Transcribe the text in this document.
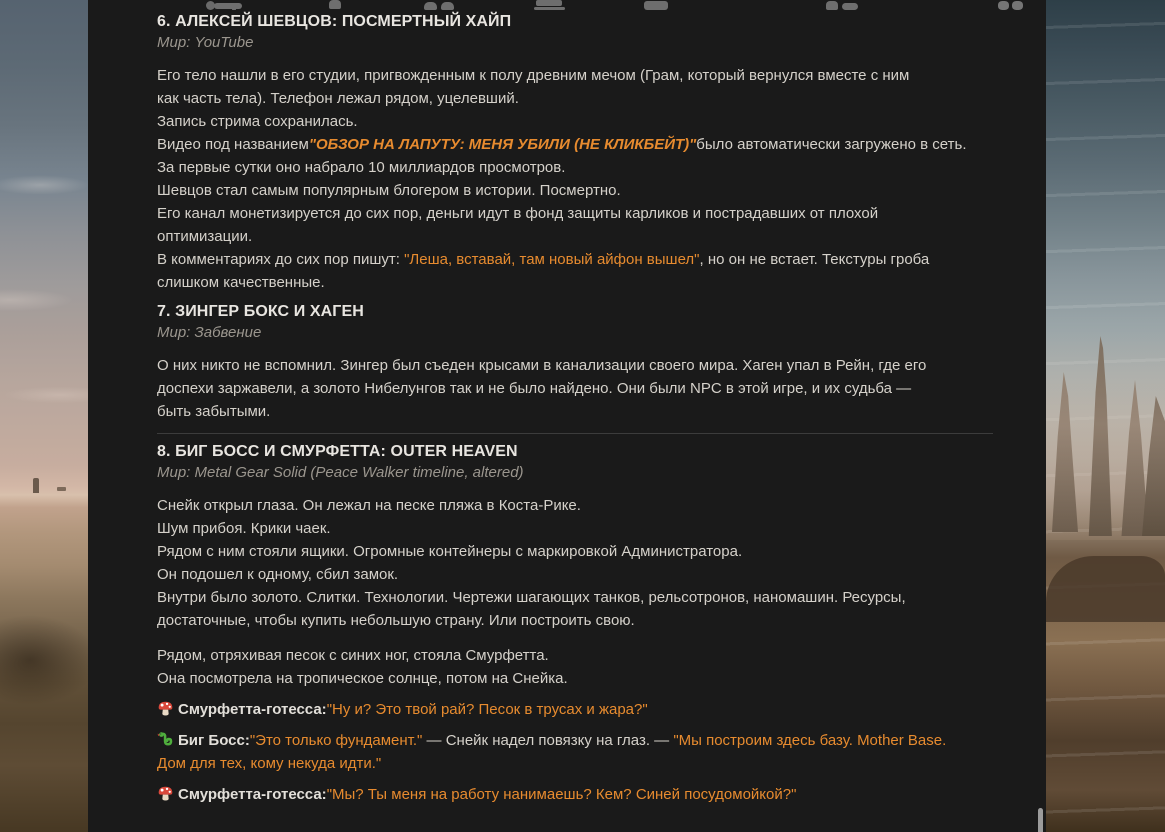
6. АЛЕКСЕЙ ШЕВЦОВ: ПОСМЕРТНЫЙ ХАЙП
Мир: YouTube

Его тело нашли в его студии, пригвожденным к полу древним мечом (Грам, который вернулся вместе с ним
как часть тела). Телефон лежал рядом, уцелевший.
Запись стрима сохранилась.
Видео под названием"ОБЗОР НА ЛАПУТУ: МЕНЯ УБИЛИ (НЕ КЛИКБЕЙТ)"было автоматически загружено в сеть.
За первые сутки оно набрало 10 миллиардов просмотров.
Шевцов стал самым популярным блогером в истории. Посмертно.
Его канал монетизируется до сих пор, деньги идут в фонд защиты карликов и пострадавших от плохой
оптимизации.
В комментариях до сих пор пишут: "Леша, вставай, там новый айфон вышел", но он не встает. Текстуры гроба
слишком качественные.

7. ЗИНГЕР БОКС И ХАГЕН
Мир: Забвение

О них никто не вспомнил. Зингер был съеден крысами в канализации своего мира. Хаген упал в Рейн, где его
доспехи заржавели, а золото Нибелунгов так и не было найдено. Они были NPC в этой игре, и их судьба —
быть забытыми.

8. БИГ БОСС И СМУРФЕТТА: OUTER HEAVEN
Мир: Metal Gear Solid (Peace Walker timeline, altered)

Снейк открыл глаза. Он лежал на песке пляжа в Коста-Рике.
Шум прибоя. Крики чаек.
Рядом с ним стояли ящики. Огромные контейнеры с маркировкой Администратора.
Он подошел к одному, сбил замок.
Внутри было золото. Слитки. Технологии. Чертежи шагающих танков, рельсотронов, наномашин. Ресурсы,
достаточные, чтобы купить небольшую страну. Или построить свою.

Рядом, отряхивая песок с синих ног, стояла Смурфетта.
Она посмотрела на тропическое солнце, потом на Снейка.

Смурфетта-готесса:"Ну и? Это твой рай? Песок в трусах и жара?"

Биг Босс:"Это только фундамент." — Снейк надел повязку на глаз. — "Мы построим здесь базу. Mother Base.
Дом для тех, кому некуда идти."

Смурфетта-готесса:"Мы? Ты меня на работу нанимаешь? Кем? Синей посудомойкой?"
